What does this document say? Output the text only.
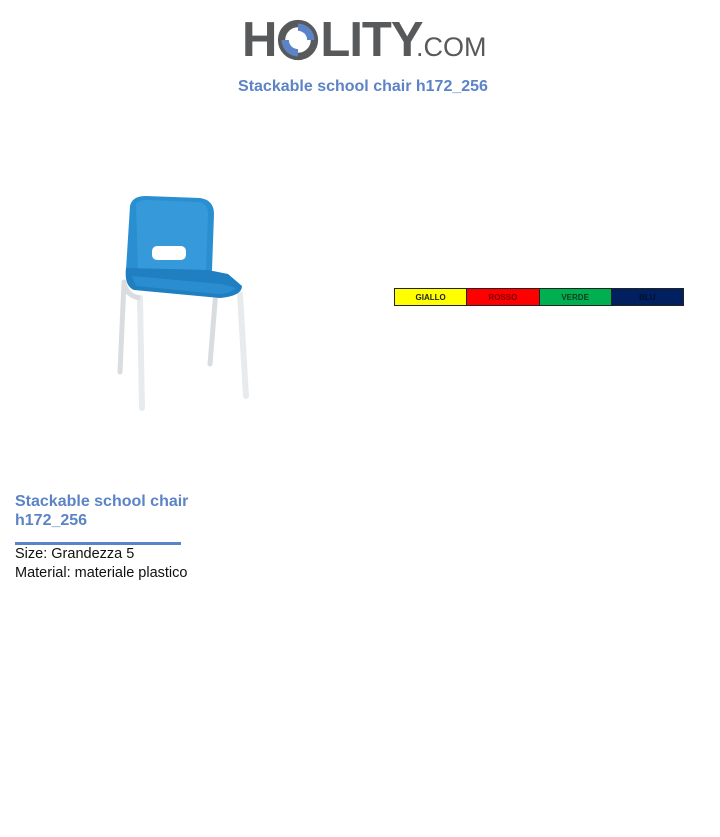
H LITY
.COM
Stackable school chair h172_256
GIALLO	ROSSO	VERDE	BLU
Stackable school chair h172_256
Size: Grandezza 5
Material: materiale plastico
